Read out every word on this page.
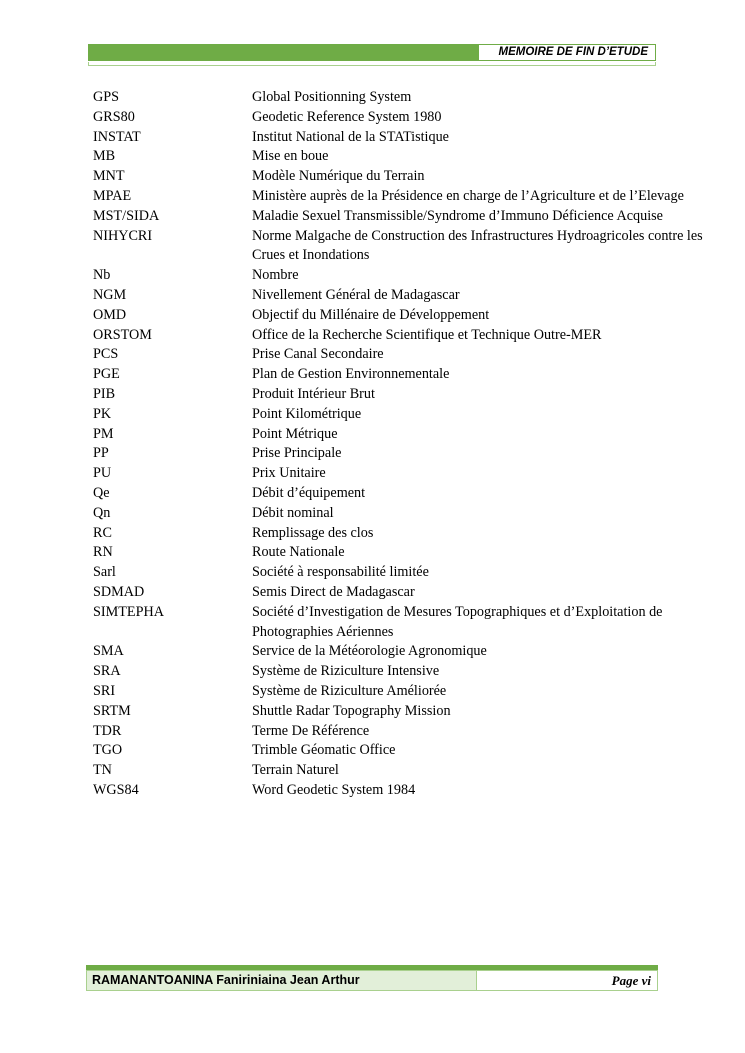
MEMOIRE DE FIN D’ETUDE
GPS	Global Positionning System
GRS80	Geodetic Reference System 1980
INSTAT	Institut National de la STATistique
MB	Mise en boue
MNT	Modèle Numérique du Terrain
MPAE	Ministère auprès de la Présidence en charge de l’Agriculture et de l’Elevage
MST/SIDA	Maladie Sexuel Transmissible/Syndrome d’Immuno Déficience Acquise
NIHYCRI	Norme Malgache de Construction des Infrastructures Hydroagricoles contre les Crues et Inondations
Nb	Nombre
NGM	Nivellement Général de Madagascar
OMD	Objectif du Millénaire de Développement
ORSTOM	Office de la Recherche Scientifique et Technique Outre-MER
PCS	Prise Canal Secondaire
PGE	Plan de Gestion Environnementale
PIB	Produit Intérieur Brut
PK	Point Kilométrique
PM	Point Métrique
PP	Prise Principale
PU	Prix Unitaire
Qe	Débit d’équipement
Qn	Débit nominal
RC	Remplissage des clos
RN	Route Nationale
Sarl	Société à responsabilité limitée
SDMAD	Semis Direct de Madagascar
SIMTEPHA	Société d’Investigation de Mesures Topographiques et d’Exploitation de Photographies Aériennes
SMA	Service de la Météorologie Agronomique
SRA	Système de Riziculture Intensive
SRI	Système de Riziculture Améliorée
SRTM	Shuttle Radar Topography Mission
TDR	Terme De Référence
TGO	Trimble Géomatic Office
TN	Terrain Naturel
WGS84	Word Geodetic System 1984
RAMANANTOANINA Faniriniaina Jean Arthur	Page vi
